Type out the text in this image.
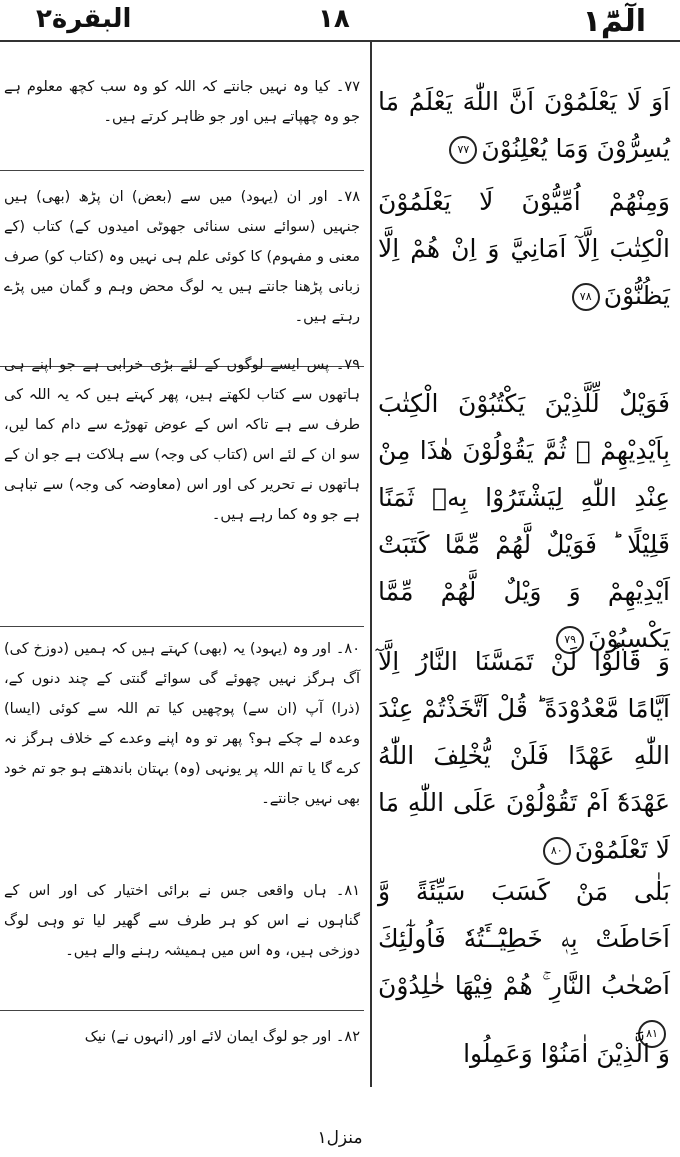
البقرة٢	١٨	الٓمّٓ١

اَوَ لَا يَعْلَمُوْنَ اَنَّ اللّٰهَ يَعْلَمُ مَا يُسِرُّوْنَ وَمَا يُعْلِنُوْنَ٧٧

وَمِنْهُمْ اُمِّيُّوْنَ لَا يَعْلَمُوْنَ الْكِتٰبَ اِلَّآ اَمَانِيَّ وَ اِنْ هُمْ اِلَّا يَظُنُّوْنَ٧٨

فَوَيْلٌ لِّلَّذِيْنَ يَكْتُبُوْنَ الْكِتٰبَ بِاَيْدِيْهِمْ ۗ ثُمَّ يَقُوْلُوْنَ هٰذَا مِنْ عِنْدِ اللّٰهِ لِيَشْتَرُوْا بِهٖ ثَمَنًا قَلِيْلًا ؕ فَوَيْلٌ لَّهُمْ مِّمَّا كَتَبَتْ اَيْدِيْهِمْ وَ وَيْلٌ لَّهُمْ مِّمَّا يَكْسِبُوْنَ٧٩

وَ قَالُوْا لَنْ تَمَسَّنَا النَّارُ اِلَّآ اَيَّامًا مَّعْدُوْدَةً ؕ قُلْ اَتَّخَذْتُمْ عِنْدَ اللّٰهِ عَهْدًا فَلَنْ يُّخْلِفَ اللّٰهُ عَهْدَهٗٓ اَمْ تَقُوْلُوْنَ عَلَى اللّٰهِ مَا لَا تَعْلَمُوْنَ٨٠

بَلٰى مَنْ كَسَبَ سَيِّئَةً وَّ اَحَاطَتْ بِهٖ خَطِيْٓــَٔتُهٗ فَاُولٰٓئِكَ اَصْحٰبُ النَّارِ ۚ هُمْ فِيْهَا خٰلِدُوْنَ٨١

وَ الَّذِيْنَ اٰمَنُوْا وَعَمِلُوا

۷۷۔ کیا وہ نہیں جانتے کہ اللہ کو وہ سب کچھ معلوم ہے جو وہ چھپاتے ہیں اور جو ظاہر کرتے ہیں۔

۷۸۔ اور ان (یہود) میں سے (بعض) ان پڑھ (بھی) ہیں جنہیں (سوائے سنی سنائی جھوٹی امیدوں کے) کتاب (کے معنی و مفہوم) کا کوئی علم ہی نہیں وہ (کتاب کو) صرف زبانی پڑھنا جانتے ہیں یہ لوگ محض وہم و گمان میں پڑے رہتے ہیں۔

۷۹۔ پس ایسے لوگوں کے لئے بڑی خرابی ہے جو اپنے ہی ہاتھوں سے کتاب لکھتے ہیں، پھر کہتے ہیں کہ یہ اللہ کی طرف سے ہے تاکہ اس کے عوض تھوڑے سے دام کما لیں، سو ان کے لئے اس (کتاب کی وجہ) سے ہلاکت ہے جو ان کے ہاتھوں نے تحریر کی اور اس (معاوضہ کی وجہ) سے تباہی ہے جو وہ کما رہے ہیں۔

۸۰۔ اور وہ (یہود) یہ (بھی) کہتے ہیں کہ ہمیں (دوزخ کی) آگ ہرگز نہیں چھوئے گی سوائے گنتی کے چند دنوں کے، (ذرا) آپ (ان سے) پوچھیں کیا تم اللہ سے کوئی (ایسا) وعدہ لے چکے ہو؟ پھر تو وہ اپنے وعدے کے خلاف ہرگز نہ کرے گا یا تم اللہ پر یونہی (وہ) بہتان باندھتے ہو جو تم خود بھی نہیں جانتے۔

۸۱۔ ہاں واقعی جس نے برائی اختیار کی اور اس کے گناہوں نے اس کو ہر طرف سے گھیر لیا تو وہی لوگ دوزخی ہیں، وہ اس میں ہمیشہ رہنے والے ہیں۔

۸۲۔ اور جو لوگ ایمان لائے اور (انہوں نے) نیک

منزل١
